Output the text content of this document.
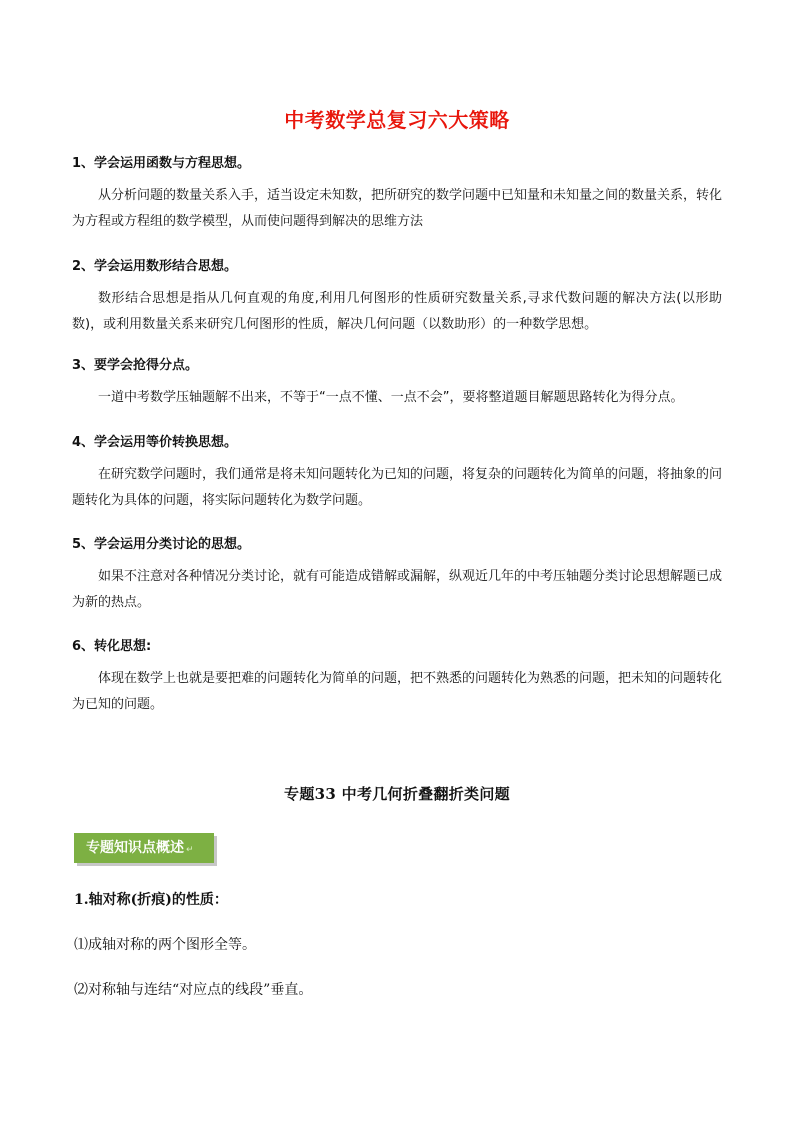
中考数学总复习六大策略

1、学会运用函数与方程思想。

从分析问题的数量关系入手，适当设定未知数，把所研究的数学问题中已知量和未知量之间的数量关系，转化为方程或方程组的数学模型，从而使问题得到解决的思维方法

2、学会运用数形结合思想。

数形结合思想是指从几何直观的角度,利用几何图形的性质研究数量关系,寻求代数问题的解决方法(以形助数)，或利用数量关系来研究几何图形的性质，解决几何问题（以数助形）的一种数学思想。

3、要学会抢得分点。

一道中考数学压轴题解不出来，不等于“一点不懂、一点不会”，要将整道题目解题思路转化为得分点。

4、学会运用等价转换思想。

在研究数学问题时，我们通常是将未知问题转化为已知的问题，将复杂的问题转化为简单的问题，将抽象的问题转化为具体的问题，将实际问题转化为数学问题。

5、学会运用分类讨论的思想。

如果不注意对各种情况分类讨论，就有可能造成错解或漏解，纵观近几年的中考压轴题分类讨论思想解题已成为新的热点。

6、转化思想:

体现在数学上也就是要把难的问题转化为简单的问题，把不熟悉的问题转化为熟悉的问题，把未知的问题转化为已知的问题。

专题33 中考几何折叠翻折类问题
专题知识点概述 ↵
1.轴对称(折痕)的性质：
⑴成轴对称的两个图形全等。
⑵对称轴与连结“对应点的线段”垂直。
